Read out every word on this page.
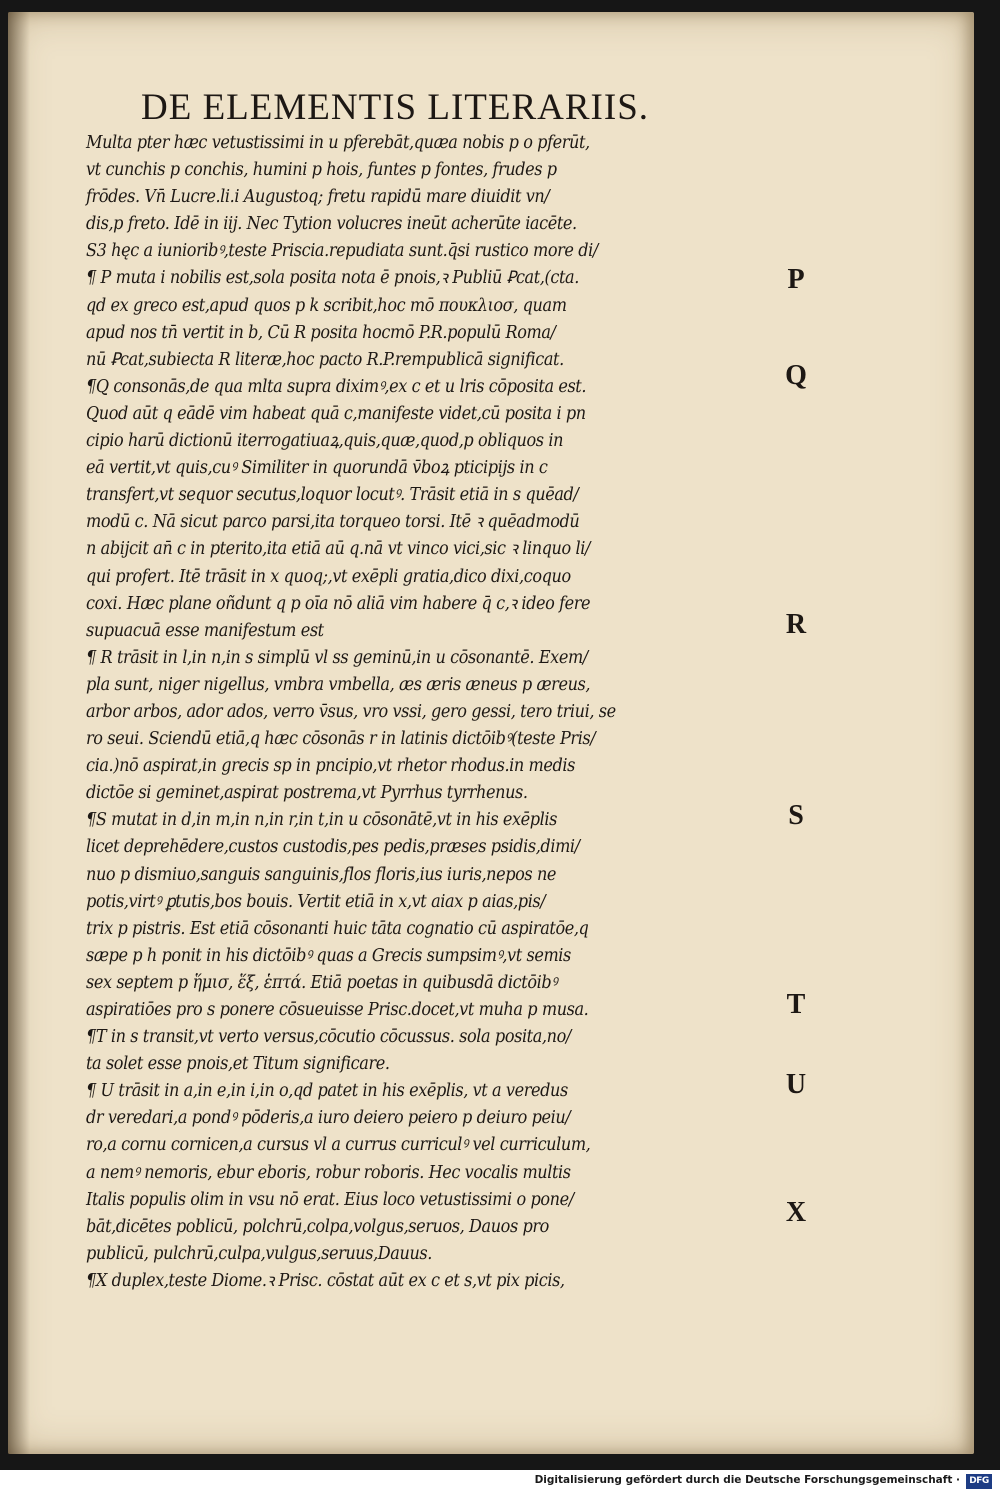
DE ELEMENTIS LITERARIIS.
Multa pter hæc vetustissimi in u pferebāt,quæa nobis p o pferūt,
vt cunchis p conchis, humini p hois, funtes p fontes, frudes p
frōdes. Vn̄ Lucre.li.i Augustoq; fretu rapidū mare diuidit vn/
dis,p freto. Idē in iij. Nec Tytion volucres ineūt acherūte iacēte.
S3 hęc a iunioribꝰ,teste Priscia.repudiata sunt.q̄si rustico more di/
¶ P muta i nobilis est,sola posita nota ē pnois,ꝛ Publiū Ꝑcat,(cta.
qd ex greco est,apud quos p k scribit,hoc mō πουκλιοσ, quam
apud nos tn̄ vertit in b, Cū R posita hocmō P.R.populū Roma/
nū Ꝑcat,subiecta R literæ,hoc pacto R.P.rempublicā significat.
¶Q consonās,de qua mlta supra diximꝰ,ex c et u lris cōposita est.
Quod aūt q eādē vim habeat quā c,manifeste videt,cū posita i pn
cipio harū dictionū iterrogatiuaꝝ,quis,quæ,quod,p obliquos in
eā vertit,vt quis,cuꝰ Similiter in quorundā v̄boꝝ pticipijs in c
transfert,vt sequor secutus,loquor locutꝰ. Trāsit etiā in s quēad/
modū c. Nā sicut parco parsi,ita torqueo torsi. Itē ꝛ quēadmodū
n abijcit an̄ c in pterito,ita etiā aū q.nā vt vinco vici,sic ꝛ linquo li/
qui profert. Itē trāsit in x quoq;,vt exēpli gratia,dico dixi,coquo
coxi. Hæc plane oñdunt q p oīa nō aliā vim habere q̄ c,ꝛ ideo fere
supuacuā esse manifestum est
¶ R trāsit in l,in n,in s simplū vl ss geminū,in u cōsonantē. Exem/
pla sunt, niger nigellus, vmbra vmbella, æs æris æneus p æreus,
arbor arbos, ador ados, verro v̄sus, vro vssi, gero gessi, tero triui, se
ro seui. Sciendū etiā,q hæc cōsonās r in latinis dictōibꝰ(teste Pris/
cia.)nō aspirat,in grecis sp in pncipio,vt rhetor rhodus.in medis
dictōe si geminet,aspirat postrema,vt Pyrrhus tyrrhenus.
¶S mutat in d,in m,in n,in r,in t,in u cōsonātē,vt in his exēplis
licet deprehēdere,custos custodis,pes pedis,præses psidis,dimi/
nuo p dismiuo,sanguis sanguinis,flos floris,ius iuris,nepos ne
potis,virtꝰ ꝑtutis,bos bouis. Vertit etiā in x,vt aiax p aias,pis/
trix p pistris. Est etiā cōsonanti huic tāta cognatio cū aspiratōe,q
sæpe p h ponit in his dictōibꝰ quas a Grecis sumpsimꝰ,vt semis
sex septem p ἥμισ, ἕξ, ἑπτά. Etiā poetas in quibusdā dictōibꝰ
aspiratiōes pro s ponere cōsueuisse Prisc.docet,vt muha p musa.
¶T in s transit,vt verto versus,cōcutio cōcussus. sola posita,no/
ta solet esse pnois,et Titum significare.
¶ U trāsit in a,in e,in i,in o,qd patet in his exēplis, vt a veredus
dr veredari,a pondꝰ pōderis,a iuro deiero peiero p deiuro peiu/
ro,a cornu cornicen,a cursus vl a currus curriculꝰ vel curriculum,
a nemꝰ nemoris, ebur eboris, robur roboris. Hec vocalis multis
Italis populis olim in vsu nō erat. Eius loco vetustissimi o pone/
bāt,dicētes poblicū, polchrū,colpa,volgus,seruos, Dauos pro
publicū, pulchrū,culpa,vulgus,seruus,Dauus.
¶X duplex,teste Diome.ꝛ Prisc. cōstat aūt ex c et s,vt pix picis,
P
Q
R
S
T
U
X
Digitalisierung gefördert durch die Deutsche Forschungsgemeinschaft ·	DFG
